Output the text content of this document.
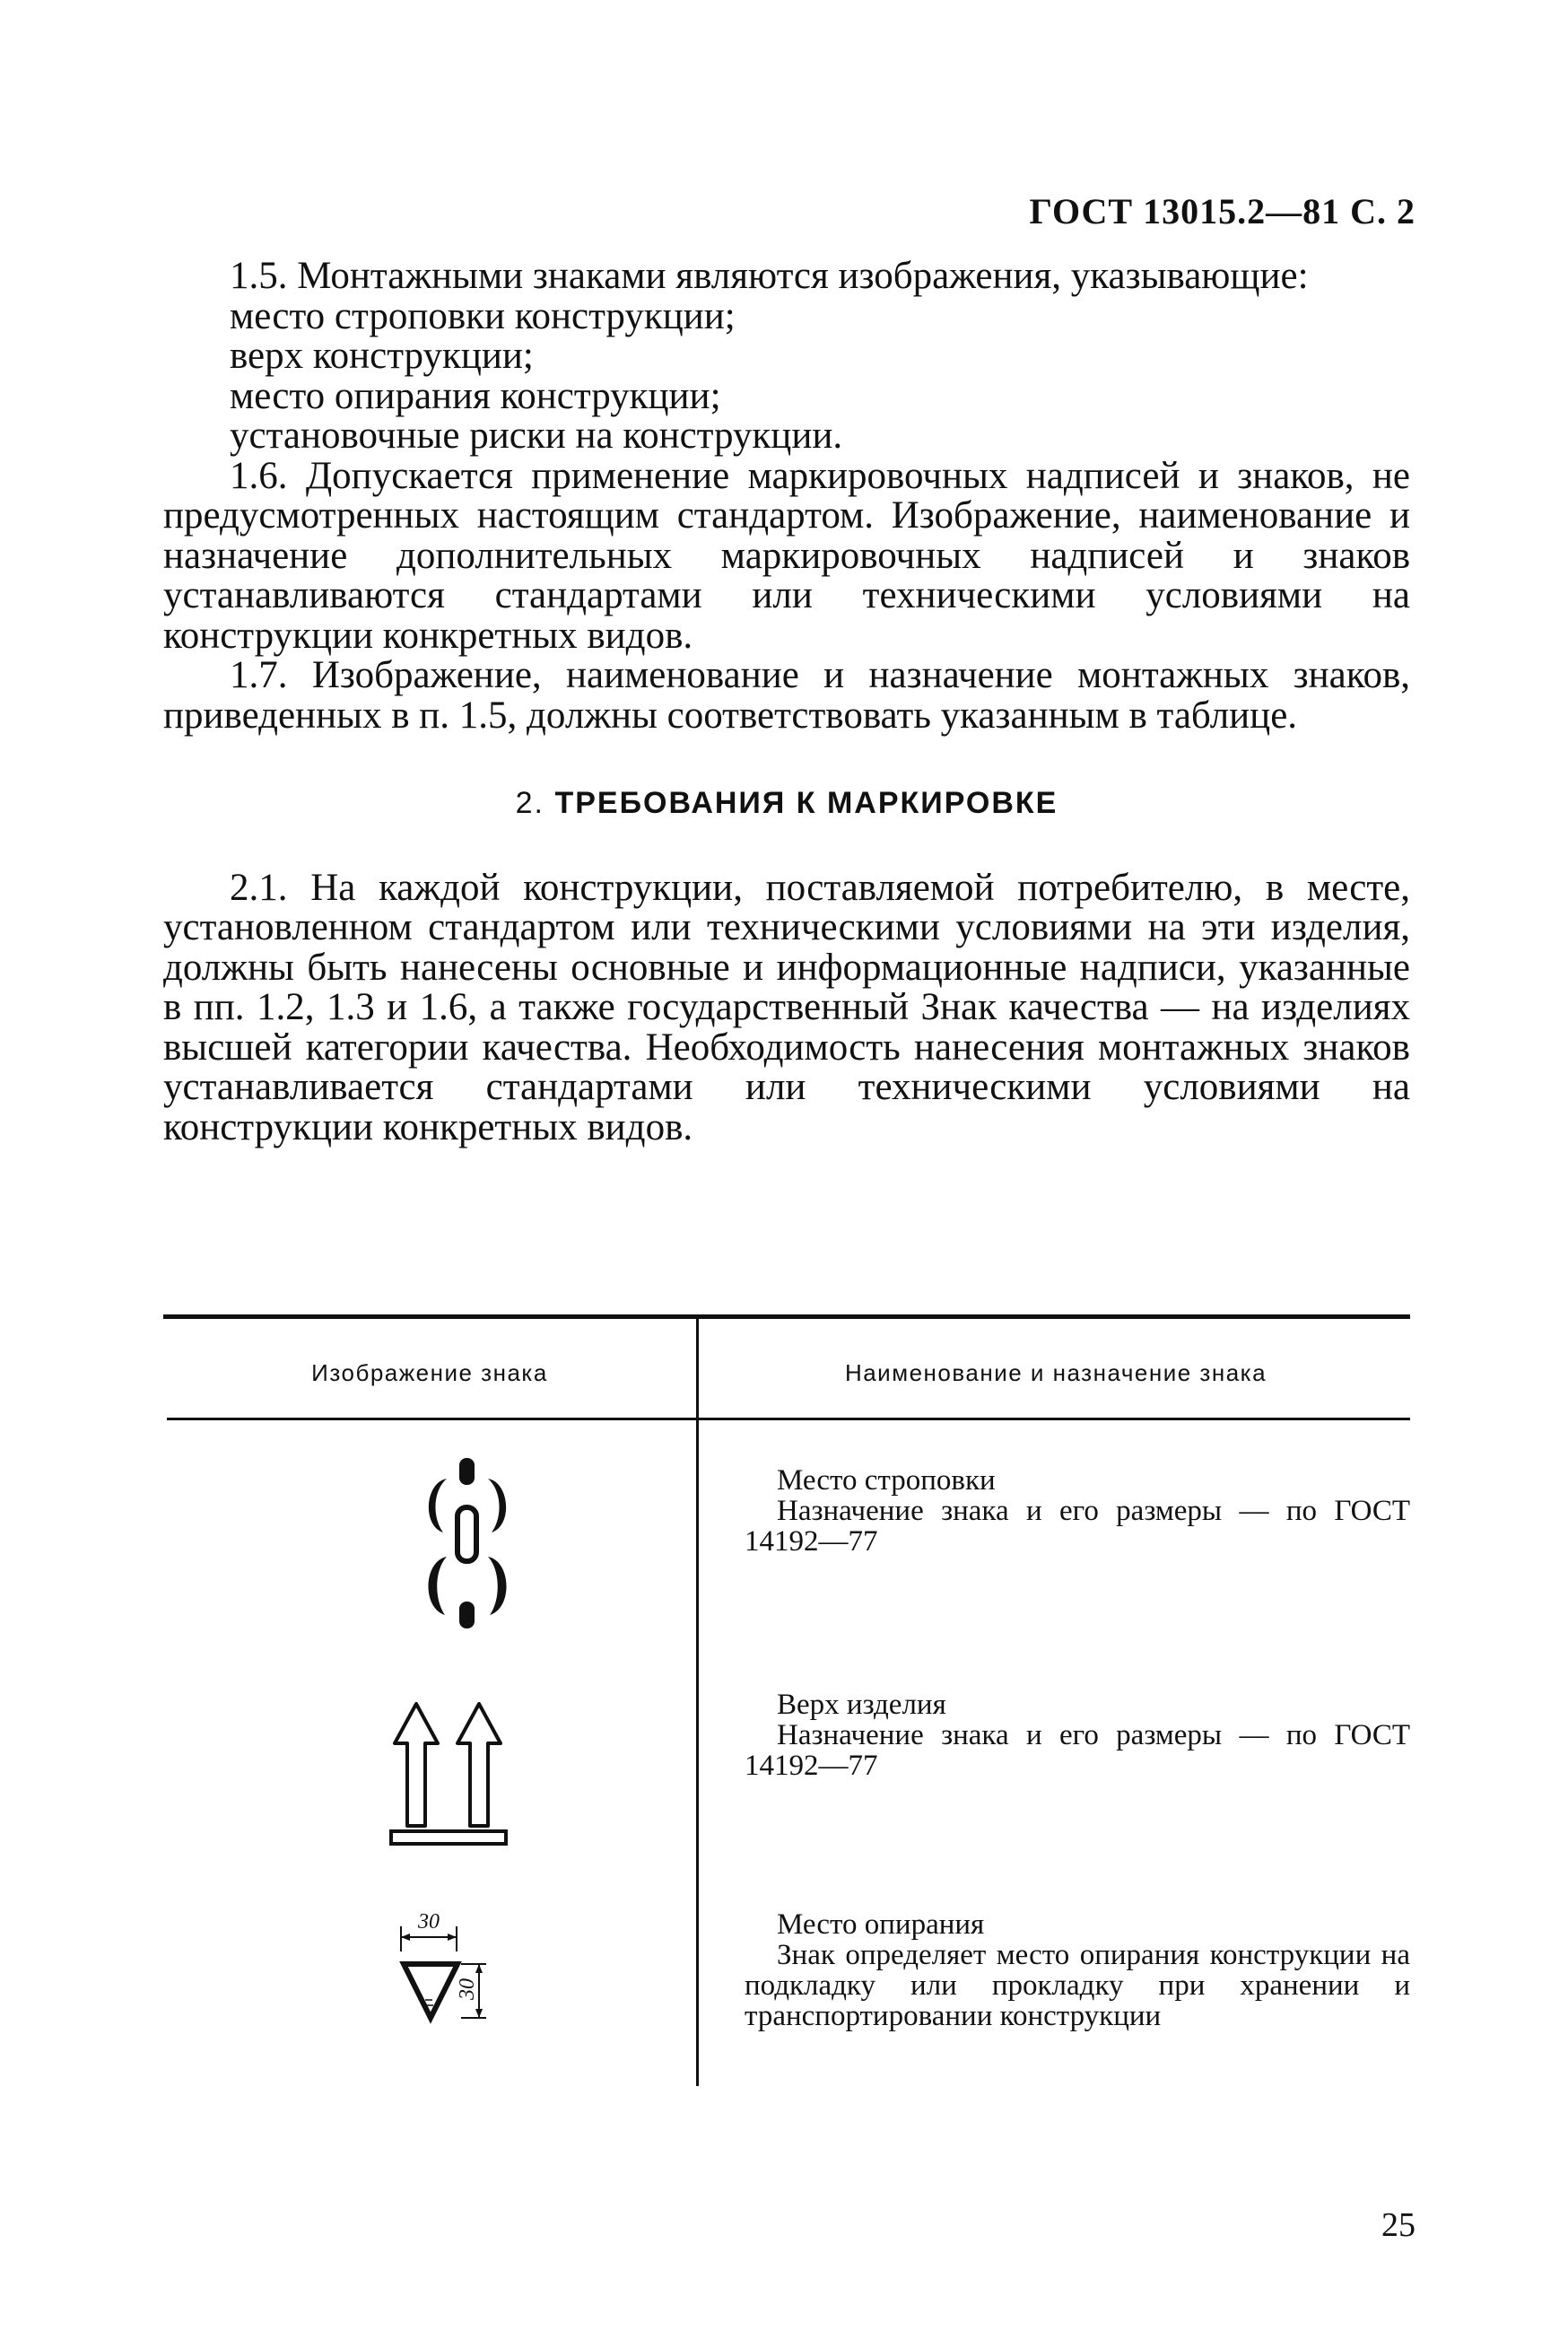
ГОСТ 13015.2—81 С. 2

1.5. Монтажными знаками являются изображения, указывающие:

место строповки конструкции;

верх конструкции;

место опирания конструкции;

установочные риски на конструкции.

1.6. Допускается применение маркировочных надписей и знаков, не предусмотренных настоящим стандартом. Изображение, наименование и назначение дополнительных маркировочных надписей и знаков устанавливаются стандартами или техническими условиями на конструкции конкретных видов.

1.7. Изображение, наименование и назначение монтажных знаков, приведенных в п. 1.5, должны соответствовать указанным в таблице.

2. ТРЕБОВАНИЯ К МАРКИРОВКЕ

2.1. На каждой конструкции, поставляемой потребителю, в месте, установленном стандартом или техническими условиями на эти изделия, должны быть нанесены основные и информационные надписи, указанные в пп. 1.2, 1.3 и 1.6, а также государственный Знак качества — на изделиях высшей категории качества. Необходимость нанесения монтажных знаков устанавливается стандартами или техническими условиями на конструкции конкретных видов.

Изображение знака	Наименование и назначение знака
Место строповки
Назначение знака и его размеры — по ГОСТ 14192—77
Верх изделия
Назначение знака и его размеры — по ГОСТ 14192—77
30
30
Место опирания
Знак определяет место опирания конструкции на подкладку или прокладку при хранении и транспортировании конструкции
25
